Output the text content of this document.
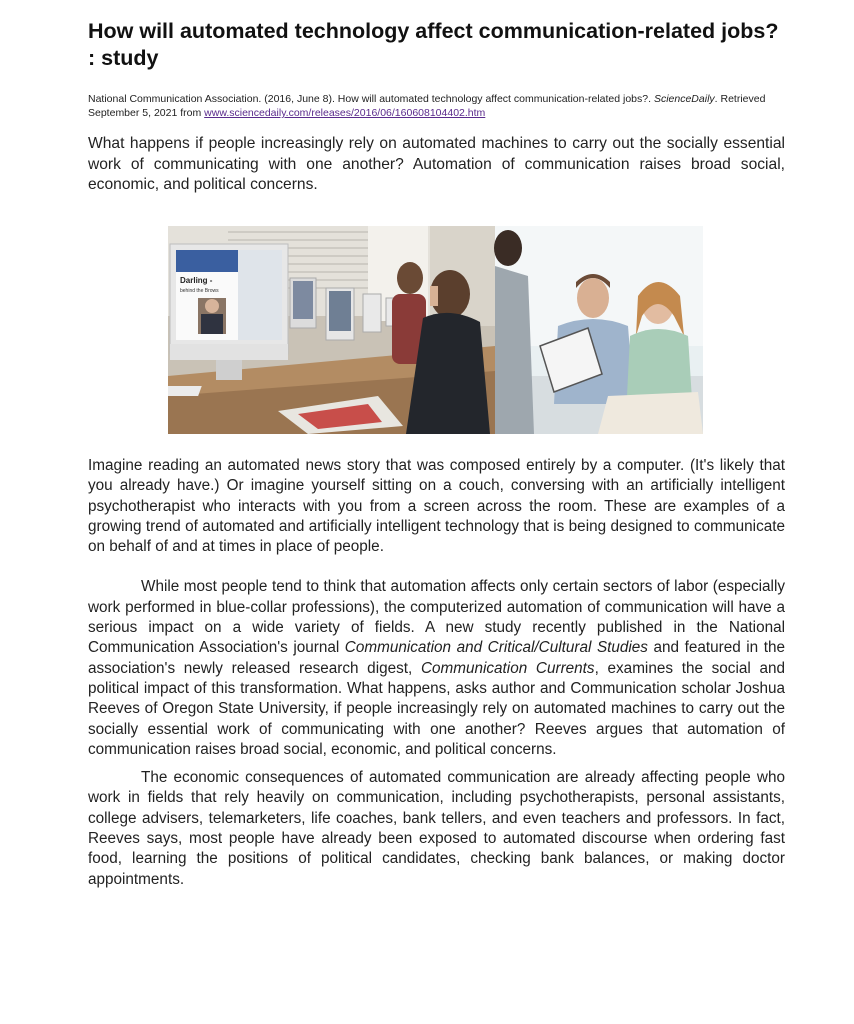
How will automated technology affect communication-related jobs? : study
National Communication Association. (2016, June 8). How will automated technology affect communication-related jobs?. ScienceDaily. Retrieved September 5, 2021 from www.sciencedaily.com/releases/2016/06/160608104402.htm
What happens if people increasingly rely on automated machines to carry out the socially essential work of communicating with one another? Automation of communication raises broad social, economic, and political concerns.
Darling -
behind the Brows

Imagine reading an automated news story that was composed entirely by a computer. (It's likely that you already have.) Or imagine yourself sitting on a couch, conversing with an artificially intelligent psychotherapist who interacts with you from a screen across the room. These are examples of a growing trend of automated and artificially intelligent technology that is being designed to communicate on behalf of and at times in place of people.

While most people tend to think that automation affects only certain sectors of labor (especially work performed in blue-collar professions), the computerized automation of communication will have a serious impact on a wide variety of fields. A new study recently published in the National Communication Association's journal Communication and Critical/Cultural Studies and featured in the association's newly released research digest, Communication Currents, examines the social and political impact of this transformation. What happens, asks author and Communication scholar Joshua Reeves of Oregon State University, if people increasingly rely on automated machines to carry out the socially essential work of communicating with one another? Reeves argues that automation of communication raises broad social, economic, and political concerns.

The economic consequences of automated communication are already affecting people who work in fields that rely heavily on communication, including psychotherapists, personal assistants, college advisers, telemarketers, life coaches, bank tellers, and even teachers and professors. In fact, Reeves says, most people have already been exposed to automated discourse when ordering fast food, learning the positions of political candidates, checking bank balances, or making doctor appointments.
